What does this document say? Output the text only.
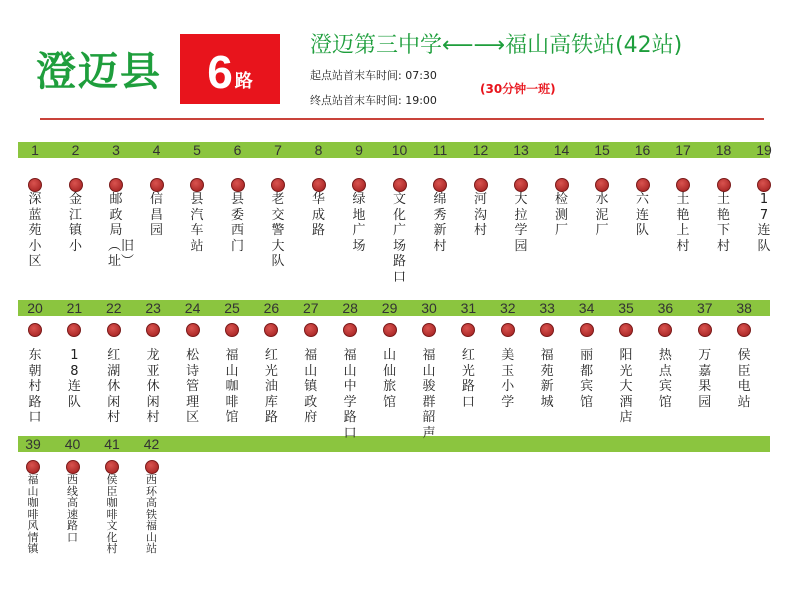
澄迈县 6 路
澄迈第三中学⟵⟶福山高铁站(42站)
起点站首末车时间: 07:30
终点站首末车时间: 19:00
(30分钟一班)
1
深蓝苑小区
2
金江镇小
3
邮政局︵旧址︶
4
信昌园
5
县汽车站
6
县委西门
7
老交警大队
8
华成路
9
绿地广场
10
文化广场路口
11
绵秀新村
12
河沟村
13
大拉学园
14
检测厂
15
水泥厂
16
六连队
17
土艳上村
18
土艳下村
19
17连队
20
东朝村路口
21
18连队
22
红湖休闲村
23
龙亚休闲村
24
松诗管理区
25
福山咖啡馆
26
红光油库路
27
福山镇政府
28
福山中学路口
29
山仙旅馆
30
福山骏群韶声
31
红光路口
32
美玉小学
33
福苑新城
34
丽都宾馆
35
阳光大酒店
36
热点宾馆
37
万嘉果园
38
侯臣电站
39
福山咖啡风情镇
40
西线高速路口
41
侯臣咖啡文化村
42
西环高铁福山站
